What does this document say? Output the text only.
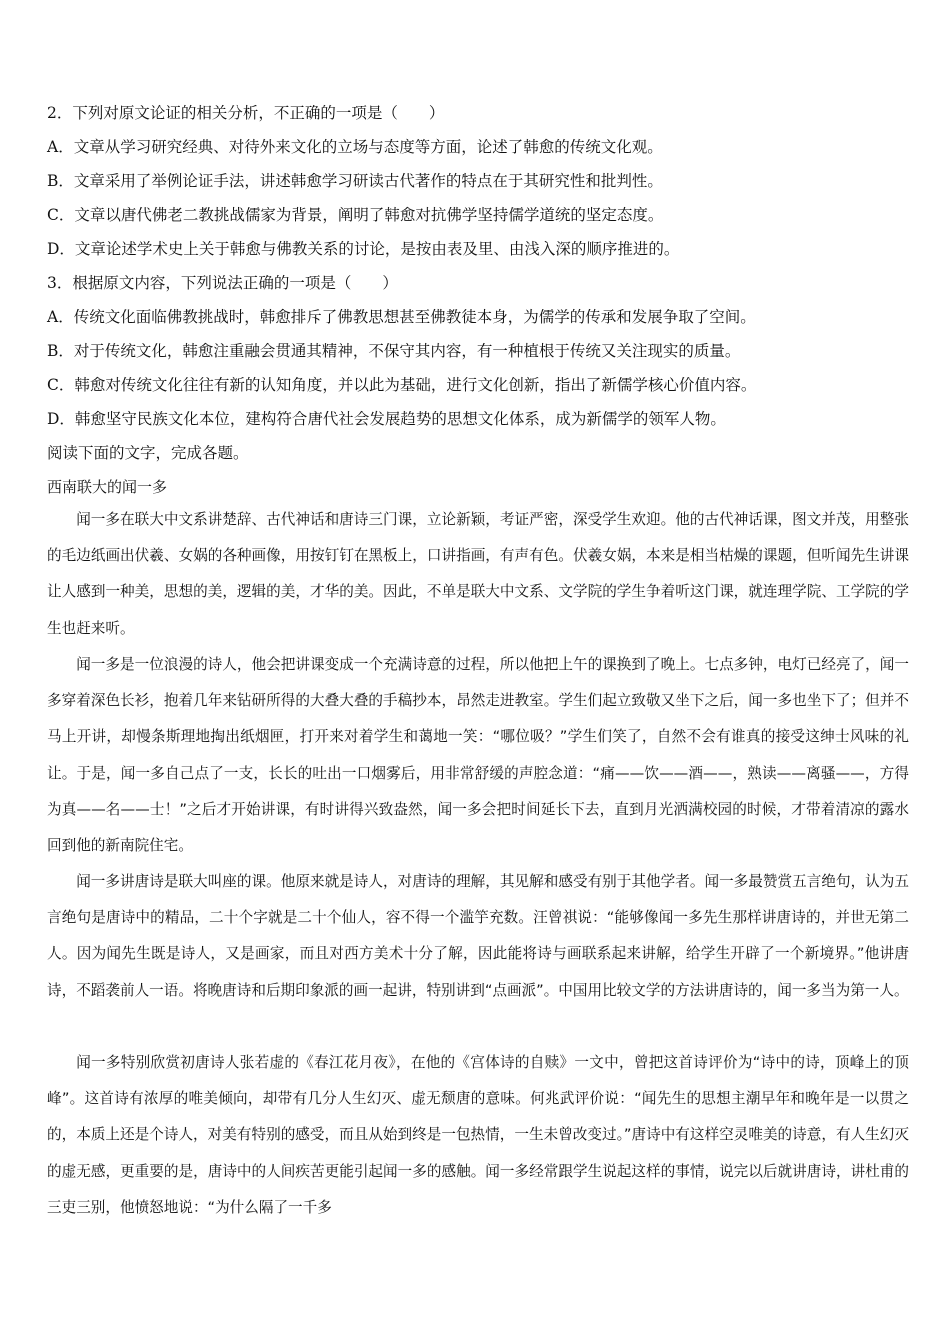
2．下列对原文论证的相关分析，不正确的一项是（　　）
A．文章从学习研究经典、对待外来文化的立场与态度等方面，论述了韩愈的传统文化观。
B．文章采用了举例论证手法，讲述韩愈学习研读古代著作的特点在于其研究性和批判性。
C．文章以唐代佛老二教挑战儒家为背景，阐明了韩愈对抗佛学坚持儒学道统的坚定态度。
D．文章论述学术史上关于韩愈与佛教关系的讨论，是按由表及里、由浅入深的顺序推进的。
3．根据原文内容，下列说法正确的一项是（　　）
A．传统文化面临佛教挑战时，韩愈排斥了佛教思想甚至佛教徒本身，为儒学的传承和发展争取了空间。
B．对于传统文化，韩愈注重融会贯通其精神，不保守其内容，有一种植根于传统又关注现实的质量。
C．韩愈对传统文化往往有新的认知角度，并以此为基础，进行文化创新，指出了新儒学核心价值内容。
D．韩愈坚守民族文化本位，建构符合唐代社会发展趋势的思想文化体系，成为新儒学的领军人物。
阅读下面的文字，完成各题。
西南联大的闻一多

闻一多在联大中文系讲楚辞、古代神话和唐诗三门课，立论新颖，考证严密，深受学生欢迎。他的古代神话课，图文并茂，用整张的毛边纸画出伏羲、女娲的各种画像，用按钉钉在黑板上，口讲指画，有声有色。伏羲女娲，本来是相当枯燥的课题，但听闻先生讲课让人感到一种美，思想的美，逻辑的美，才华的美。因此，不单是联大中文系、文学院的学生争着听这门课，就连理学院、工学院的学生也赶来听。

闻一多是一位浪漫的诗人，他会把讲课变成一个充满诗意的过程，所以他把上午的课换到了晚上。七点多钟，电灯已经亮了，闻一多穿着深色长衫，抱着几年来钻研所得的大叠大叠的手稿抄本，昂然走进教室。学生们起立致敬又坐下之后，闻一多也坐下了；但并不马上开讲，却慢条斯理地掏出纸烟匣，打开来对着学生和蔼地一笑：“哪位吸？”学生们笑了，自然不会有谁真的接受这绅士风味的礼让。于是，闻一多自己点了一支，长长的吐出一口烟雾后，用非常舒缓的声腔念道：“痛——饮——酒——，熟读——离骚——，方得为真——名——士！”之后才开始讲课，有时讲得兴致盎然，闻一多会把时间延长下去，直到月光洒满校园的时候，才带着清凉的露水回到他的新南院住宅。

闻一多讲唐诗是联大叫座的课。他原来就是诗人，对唐诗的理解，其见解和感受有别于其他学者。闻一多最赞赏五言绝句，认为五言绝句是唐诗中的精品，二十个字就是二十个仙人，容不得一个滥竽充数。汪曾祺说：“能够像闻一多先生那样讲唐诗的，并世无第二人。因为闻先生既是诗人，又是画家，而且对西方美术十分了解，因此能将诗与画联系起来讲解，给学生开辟了一个新境界。”他讲唐诗，不蹈袭前人一语。将晚唐诗和后期印象派的画一起讲，特别讲到“点画派”。中国用比较文学的方法讲唐诗的，闻一多当为第一人。

闻一多特别欣赏初唐诗人张若虚的《春江花月夜》，在他的《宫体诗的自赎》一文中，曾把这首诗评价为“诗中的诗，顶峰上的顶峰”。这首诗有浓厚的唯美倾向，却带有几分人生幻灭、虚无颓唐的意味。何兆武评价说：“闻先生的思想主潮早年和晚年是一以贯之的，本质上还是个诗人，对美有特别的感受，而且从始到终是一包热情，一生未曾改变过。”唐诗中有这样空灵唯美的诗意，有人生幻灭的虚无感，更重要的是，唐诗中的人间疾苦更能引起闻一多的感触。闻一多经常跟学生说起这样的事情，说完以后就讲唐诗，讲杜甫的三吏三别，他愤怒地说：“为什么隔了一千多
